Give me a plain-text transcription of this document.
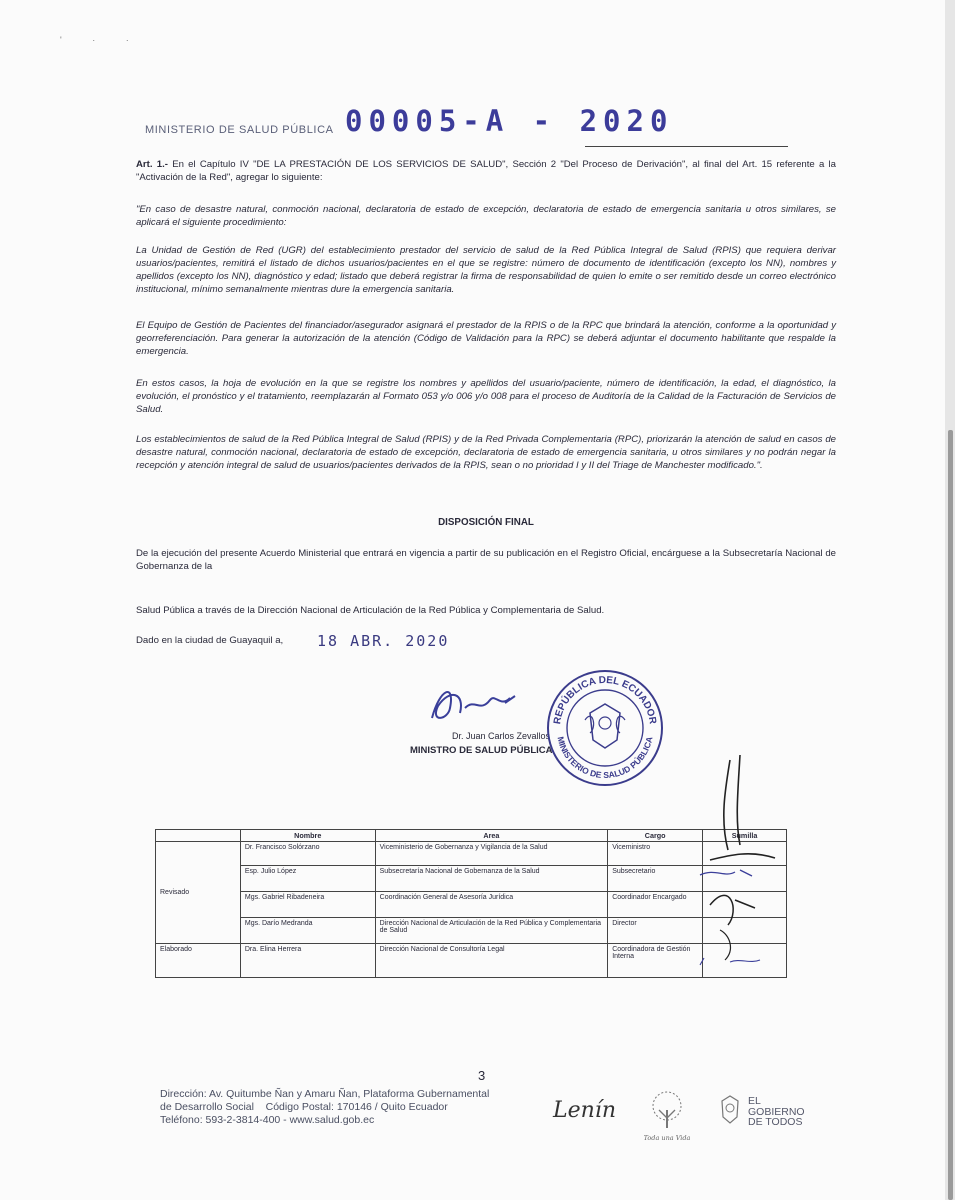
' · ·
MINISTERIO DE SALUD PÚBLICA 00005-A - 2020
Art. 1.- En el Capítulo IV "DE LA PRESTACIÓN DE LOS SERVICIOS DE SALUD", Sección 2 "Del Proceso de Derivación", al final del Art. 15 referente a la "Activación de la Red", agregar lo siguiente:
"En caso de desastre natural, conmoción nacional, declaratoria de estado de excepción, declaratoria de estado de emergencia sanitaria u otros similares, se aplicará el siguiente procedimiento:
La Unidad de Gestión de Red (UGR) del establecimiento prestador del servicio de salud de la Red Pública Integral de Salud (RPIS) que requiera derivar usuarios/pacientes, remitirá el listado de dichos usuarios/pacientes en el que se registre: número de documento de identificación (excepto los NN), nombres y apellidos (excepto los NN), diagnóstico y edad; listado que deberá registrar la firma de responsabilidad de quien lo emite o ser remitido desde un correo electrónico institucional, mínimo semanalmente mientras dure la emergencia sanitaria.
El Equipo de Gestión de Pacientes del financiador/asegurador asignará el prestador de la RPIS o de la RPC que brindará la atención, conforme a la oportunidad y georreferenciación. Para generar la autorización de la atención (Código de Validación para la RPC) se deberá adjuntar el documento habilitante que respalde la emergencia.
En estos casos, la hoja de evolución en la que se registre los nombres y apellidos del usuario/paciente, número de identificación, la edad, el diagnóstico, la evolución, el pronóstico y el tratamiento, reemplazarán al Formato 053 y/o 006 y/o 008 para el proceso de Auditoría de la Calidad de la Facturación de Servicios de Salud.
Los establecimientos de salud de la Red Pública Integral de Salud (RPIS) y de la Red Privada Complementaria (RPC), priorizarán la atención de salud en casos de desastre natural, conmoción nacional, declaratoria de estado de excepción, declaratoria de estado de emergencia sanitaria, u otros similares y no podrán negar la recepción y atención integral de salud de usuarios/pacientes derivados de la RPIS, sean o no prioridad I y II del Triage de Manchester modificado.".
DISPOSICIÓN FINAL
De la ejecución del presente Acuerdo Ministerial que entrará en vigencia a partir de su publicación en el Registro Oficial, encárguese a la Subsecretaría Nacional de Gobernanza de la
Salud Pública a través de la Dirección Nacional de Articulación de la Red Pública y Complementaria de Salud.
Dado en la ciudad de Guayaquil a,	18 ABR. 2020
Dr. Juan Carlos Zevallos
MINISTRO DE SALUD PÚBLICA
REPÚBLICA DEL ECUADOR
MINISTERIO DE SALUD PÚBLICA
	Nombre	Area	Cargo	Sumilla
Revisado	Dr. Francisco Solórzano	Viceministerio de Gobernanza y Vigilancia de la Salud	Viceministro	
	Esp. Julio López	Subsecretaría Nacional de Gobernanza de la Salud	Subsecretario	
	Mgs. Gabriel Ribadeneira	Coordinación General de Asesoría Jurídica	Coordinador Encargado	
	Mgs. Darío Medranda	Dirección Nacional de Articulación de la Red Pública y Complementaria de Salud	Director	
Elaborado	Dra. Elina Herrera	Dirección Nacional de Consultoría Legal	Coordinadora de Gestión Interna	
3
Dirección: Av. Quitumbe Ñan y Amaru Ñan, Plataforma Gubernamental
de Desarrollo Social    Código Postal: 170146 / Quito Ecuador
Teléfono: 593-2-3814-400 - www.salud.gob.ec	Lenín
Toda una Vida
EL
GOBIERNO
DE TODOS
